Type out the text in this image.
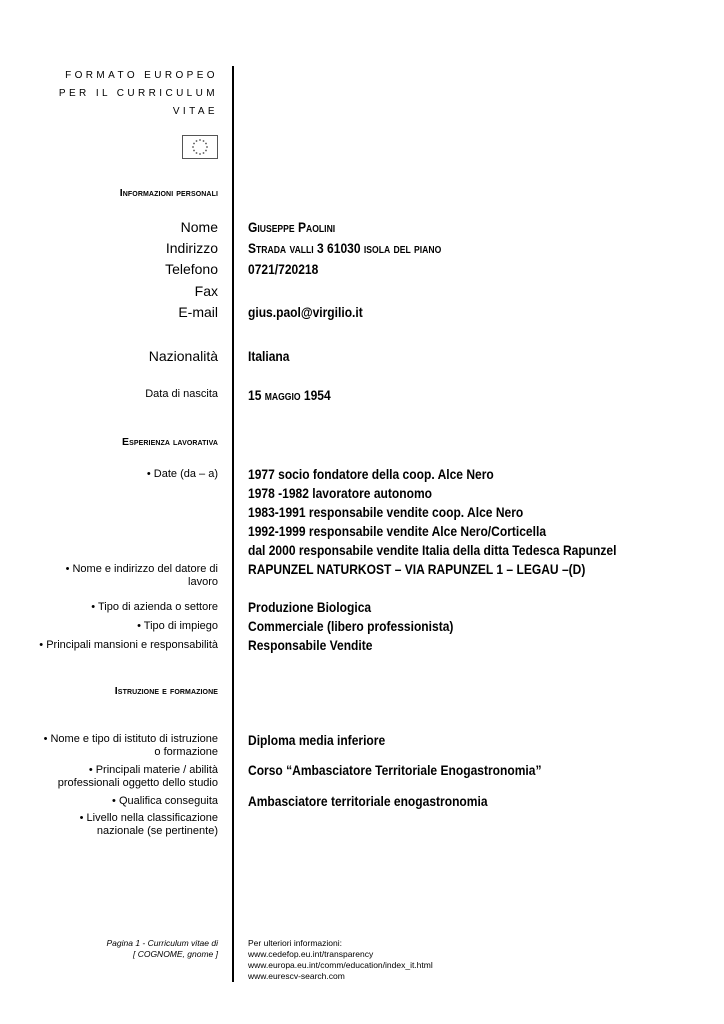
FORMATO EUROPEO
PER IL CURRICULUM
VITAE
Informazioni personali
Nome Giuseppe Paolini
Indirizzo Strada valli 3 61030 isola del piano
Telefono 0721/720218
Fax
E-mail gius.paol@virgilio.it
Nazionalità Italiana
Data di nascita 15 maggio 1954
Esperienza lavorativa
• Date (da – a) 1977 socio fondatore della coop. Alce Nero
1978 -1982 lavoratore autonomo
1983-1991 responsabile vendite coop. Alce Nero
1992-1999 responsabile vendite Alce Nero/Corticella
dal 2000 responsabile vendite Italia della ditta Tedesca Rapunzel
• Nome e indirizzo del datore di
lavoro
RAPUNZEL NATURKOST – VIA RAPUNZEL 1 – LEGAU –(D)
• Tipo di azienda o settore Produzione Biologica
• Tipo di impiego Commerciale (libero professionista)
• Principali mansioni e responsabilità Responsabile Vendite
Istruzione e formazione
• Nome e tipo di istituto di istruzione
o formazione
Diploma media inferiore
• Principali materie / abilità
professionali oggetto dello studio
Corso “Ambasciatore Territoriale Enogastronomia”
• Qualifica conseguita Ambasciatore territoriale enogastronomia
• Livello nella classificazione
nazionale (se pertinente)
Pagina 1 - Curriculum vitae di
[ COGNOME, gnome ]
Per ulteriori informazioni:
www.cedefop.eu.int/transparency
www.europa.eu.int/comm/education/index_it.html
www.eurescv-search.com
